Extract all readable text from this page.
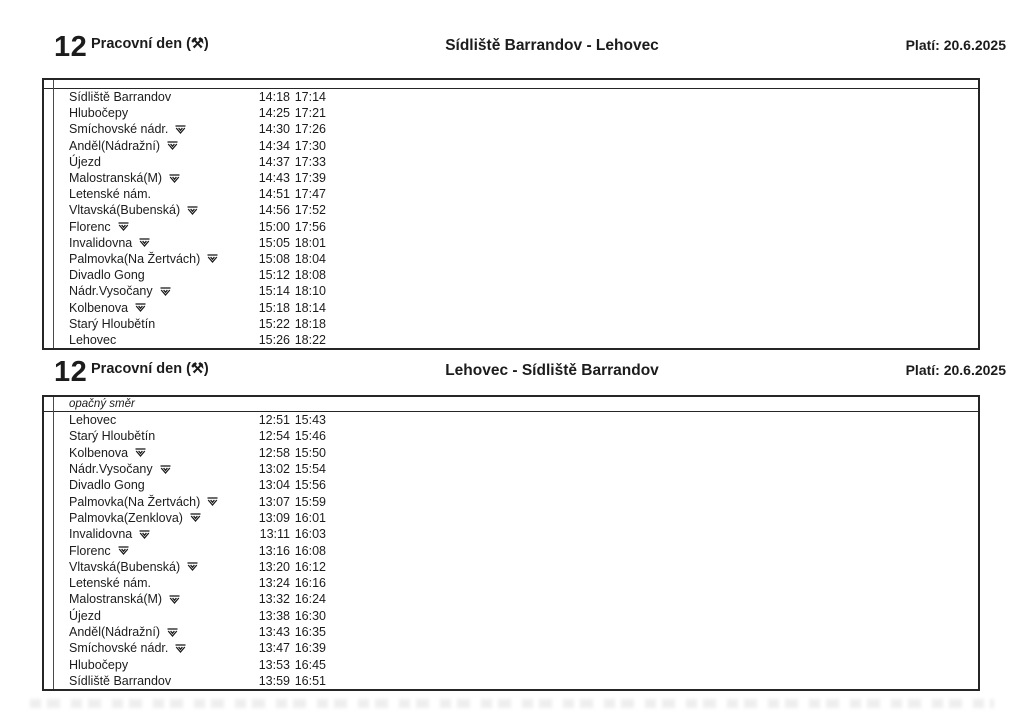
12 Pracovní den (⚒)	Sídliště Barrandov - Lehovec	Platí: 20.6.2025
Sídliště Barrandov	14:18 17:14
Hlubočepy	14:25 17:21
Smíchovské nádr.	14:30 17:26
Anděl(Nádražní)	14:34 17:30
Újezd	14:37 17:33
Malostranská(M)	14:43 17:39
Letenské nám.	14:51 17:47
Vltavská(Bubenská)	14:56 17:52
Florenc	15:00 17:56
Invalidovna	15:05 18:01
Palmovka(Na Žertvách)	15:08 18:04
Divadlo Gong	15:12 18:08
Nádr.Vysočany	15:14 18:10
Kolbenova	15:18 18:14
Starý Hloubětín	15:22 18:18
Lehovec	15:26 18:22
12 Pracovní den (⚒)	Lehovec - Sídliště Barrandov	Platí: 20.6.2025
opačný směr
Lehovec	12:51 15:43
Starý Hloubětín	12:54 15:46
Kolbenova	12:58 15:50
Nádr.Vysočany	13:02 15:54
Divadlo Gong	13:04 15:56
Palmovka(Na Žertvách)	13:07 15:59
Palmovka(Zenklova)	13:09 16:01
Invalidovna	13:11 16:03
Florenc	13:16 16:08
Vltavská(Bubenská)	13:20 16:12
Letenské nám.	13:24 16:16
Malostranská(M)	13:32 16:24
Újezd	13:38 16:30
Anděl(Nádražní)	13:43 16:35
Smíchovské nádr.	13:47 16:39
Hlubočepy	13:53 16:45
Sídliště Barrandov	13:59 16:51
